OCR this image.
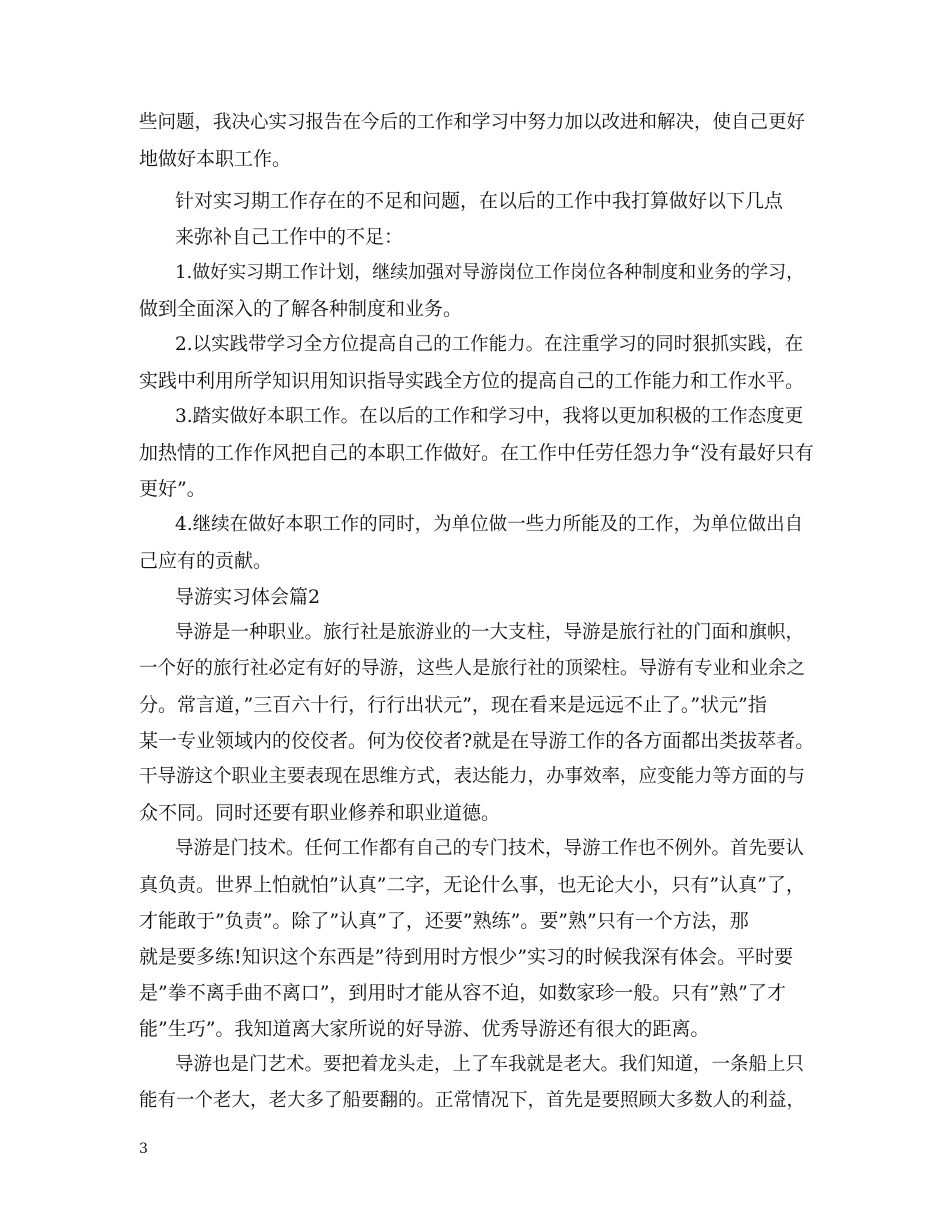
些问题，我决心实习报告在今后的工作和学习中努力加以改进和解决，使自己更好
地做好本职工作。
针对实习期工作存在的不足和问题，在以后的工作中我打算做好以下几点
来弥补自己工作中的不足：
1.做好实习期工作计划，继续加强对导游岗位工作岗位各种制度和业务的学习，
做到全面深入的了解各种制度和业务。
2.以实践带学习全方位提高自己的工作能力。在注重学习的同时狠抓实践，在
实践中利用所学知识用知识指导实践全方位的提高自己的工作能力和工作水平。
3.踏实做好本职工作。在以后的工作和学习中，我将以更加积极的工作态度更
加热情的工作作风把自己的本职工作做好。在工作中任劳任怨力争“没有最好只有
更好”。
4.继续在做好本职工作的同时，为单位做一些力所能及的工作，为单位做出自
己应有的贡献。
导游实习体会篇2
导游是一种职业。旅行社是旅游业的一大支柱，导游是旅行社的门面和旗帜，
一个好的旅行社必定有好的导游，这些人是旅行社的顶梁柱。导游有专业和业余之
分。常言道，”三百六十行，行行出状元”，现在看来是远远不止了。”状元”指
某一专业领域内的佼佼者。何为佼佼者?就是在导游工作的各方面都出类拔萃者。
干导游这个职业主要表现在思维方式，表达能力，办事效率，应变能力等方面的与
众不同。同时还要有职业修养和职业道德。
导游是门技术。任何工作都有自己的专门技术，导游工作也不例外。首先要认
真负责。世界上怕就怕”认真”二字，无论什么事，也无论大小，只有”认真”了，
才能敢于”负责”。除了”认真”了，还要”熟练”。要”熟”只有一个方法，那
就是要多练!知识这个东西是”待到用时方恨少”实习的时候我深有体会。平时要
是”拳不离手曲不离口”，到用时才能从容不迫，如数家珍一般。只有”熟”了才
能”生巧”。我知道离大家所说的好导游、优秀导游还有很大的距离。
导游也是门艺术。要把着龙头走，上了车我就是老大。我们知道，一条船上只
能有一个老大，老大多了船要翻的。正常情况下，首先是要照顾大多数人的利益，
3
